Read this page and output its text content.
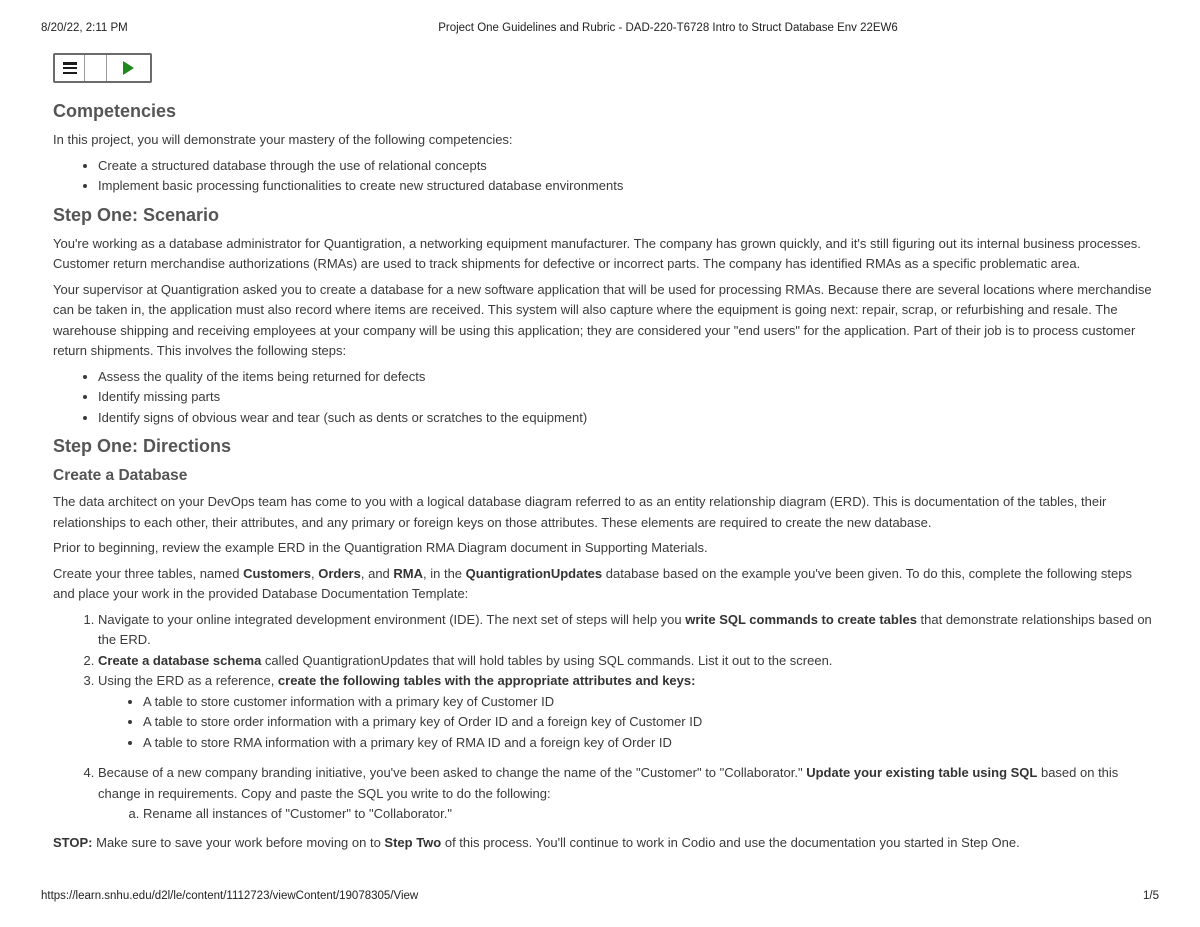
8/20/22, 2:11 PM	Project One Guidelines and Rubric - DAD-220-T6728 Intro to Struct Database Env 22EW6
Competencies

In this project, you will demonstrate your mastery of the following competencies:

• Create a structured database through the use of relational concepts
• Implement basic processing functionalities to create new structured database environments
Step One: Scenario

You're working as a database administrator for Quantigration, a networking equipment manufacturer. The company has grown quickly, and it's still figuring out its internal business processes. Customer return merchandise authorizations (RMAs) are used to track shipments for defective or incorrect parts. The company has identified RMAs as a specific problematic area.

Your supervisor at Quantigration asked you to create a database for a new software application that will be used for processing RMAs. Because there are several locations where merchandise can be taken in, the application must also record where items are received. This system will also capture where the equipment is going next: repair, scrap, or refurbishing and resale. The warehouse shipping and receiving employees at your company will be using this application; they are considered your "end users" for the application. Part of their job is to process customer return shipments. This involves the following steps:

• Assess the quality of the items being returned for defects
• Identify missing parts
• Identify signs of obvious wear and tear (such as dents or scratches to the equipment)
Step One: Directions
Create a Database

The data architect on your DevOps team has come to you with a logical database diagram referred to as an entity relationship diagram (ERD). This is documentation of the tables, their relationships to each other, their attributes, and any primary or foreign keys on those attributes. These elements are required to create the new database.

Prior to beginning, review the example ERD in the Quantigration RMA Diagram document in Supporting Materials.

Create your three tables, named Customers, Orders, and RMA, in the QuantigrationUpdates database based on the example you've been given. To do this, complete the following steps and place your work in the provided Database Documentation Template:

1. Navigate to your online integrated development environment (IDE). The next set of steps will help you write SQL commands to create tables that demonstrate relationships based on the ERD.
2. Create a database schema called QuantigrationUpdates that will hold tables by using SQL commands. List it out to the screen.
3. Using the ERD as a reference, create the following tables with the appropriate attributes and keys:
• A table to store customer information with a primary key of Customer ID
• A table to store order information with a primary key of Order ID and a foreign key of Customer ID
• A table to store RMA information with a primary key of RMA ID and a foreign key of Order ID
4. Because of a new company branding initiative, you've been asked to change the name of the "Customer" to "Collaborator." Update your existing table using SQL based on this change in requirements. Copy and paste the SQL you write to do the following:
a. Rename all instances of "Customer" to "Collaborator."

STOP: Make sure to save your work before moving on to Step Two of this process. You'll continue to work in Codio and use the documentation you started in Step One.

https://learn.snhu.edu/d2l/le/content/1112723/viewContent/19078305/View	1/5
